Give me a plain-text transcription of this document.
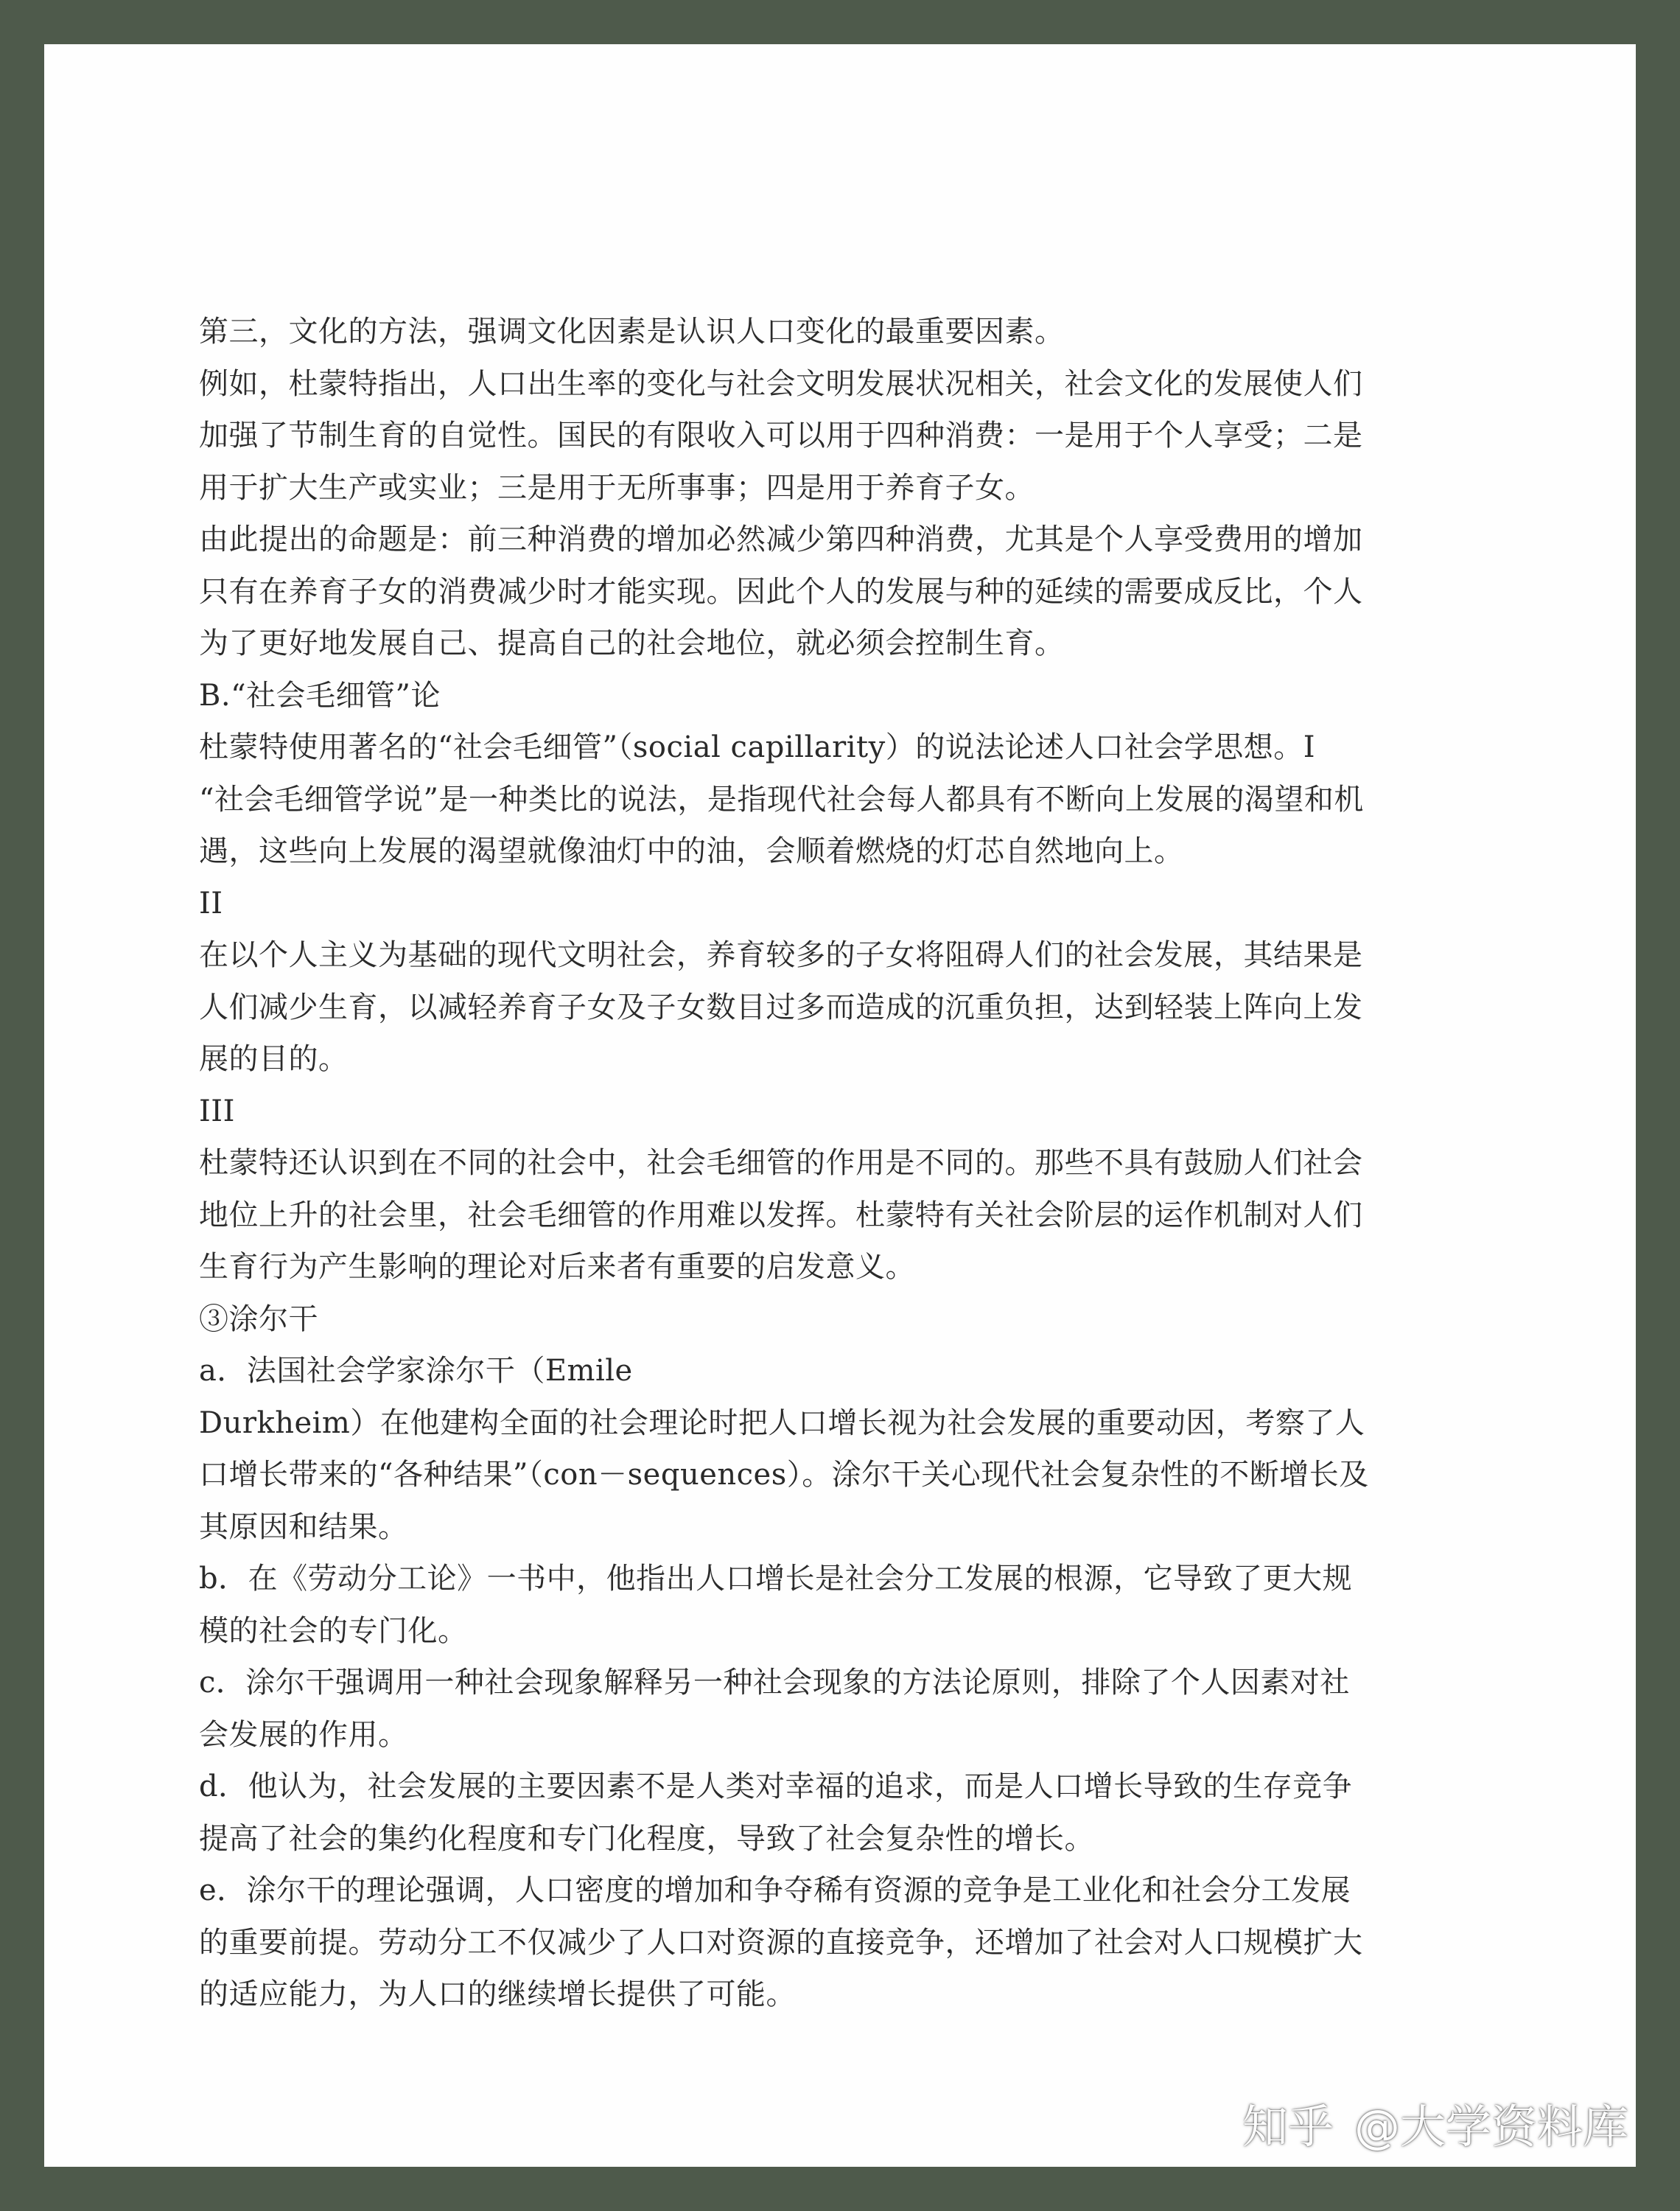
第三，文化的方法，强调文化因素是认识人口变化的最重要因素。
例如，杜蒙特指出，人口出生率的变化与社会文明发展状况相关，社会文化的发展使人们
加强了节制生育的自觉性。国民的有限收入可以用于四种消费：一是用于个人享受；二是
用于扩大生产或实业；三是用于无所事事；四是用于养育子女。
由此提出的命题是：前三种消费的增加必然减少第四种消费，尤其是个人享受费用的增加
只有在养育子女的消费减少时才能实现。因此个人的发展与种的延续的需要成反比，个人
为了更好地发展自己、提高自己的社会地位，就必须会控制生育。
B.“社会毛细管”论
杜蒙特使用著名的“社会毛细管”（social capillarity）的说法论述人口社会学思想。I
“社会毛细管学说”是一种类比的说法，是指现代社会每人都具有不断向上发展的渴望和机
遇，这些向上发展的渴望就像油灯中的油，会顺着燃烧的灯芯自然地向上。
II
在以个人主义为基础的现代文明社会，养育较多的子女将阻碍人们的社会发展，其结果是
人们减少生育，以减轻养育子女及子女数目过多而造成的沉重负担，达到轻装上阵向上发
展的目的。
III
杜蒙特还认识到在不同的社会中，社会毛细管的作用是不同的。那些不具有鼓励人们社会
地位上升的社会里，社会毛细管的作用难以发挥。杜蒙特有关社会阶层的运作机制对人们
生育行为产生影响的理论对后来者有重要的启发意义。
③涂尔干
a．法国社会学家涂尔干（Emile
Durkheim）在他建构全面的社会理论时把人口增长视为社会发展的重要动因，考察了人
口增长带来的“各种结果”（con－sequences）。涂尔干关心现代社会复杂性的不断增长及
其原因和结果。
b．在《劳动分工论》一书中，他指出人口增长是社会分工发展的根源，它导致了更大规
模的社会的专门化。
c．涂尔干强调用一种社会现象解释另一种社会现象的方法论原则，排除了个人因素对社
会发展的作用。
d．他认为，社会发展的主要因素不是人类对幸福的追求，而是人口增长导致的生存竞争
提高了社会的集约化程度和专门化程度，导致了社会复杂性的增长。
e．涂尔干的理论强调，人口密度的增加和争夺稀有资源的竞争是工业化和社会分工发展
的重要前提。劳动分工不仅减少了人口对资源的直接竞争，还增加了社会对人口规模扩大
的适应能力，为人口的继续增长提供了可能。
知乎 @大学资料库
